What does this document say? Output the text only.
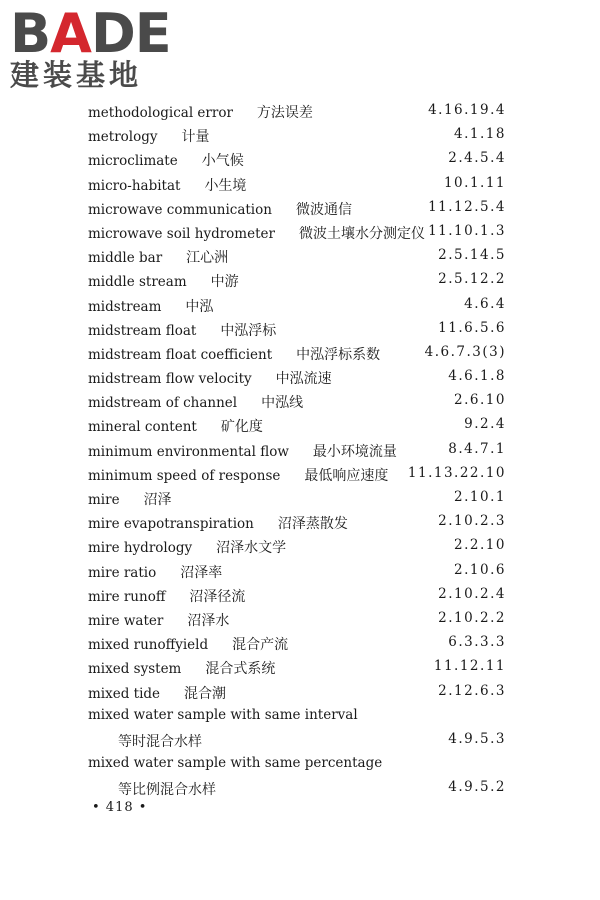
BADE
建装基地
methodological error 方法误差	4.16.19.4
metrology 计量	4.1.18
microclimate 小气候	2.4.5.4
micro-habitat 小生境	10.1.11
microwave communication 微波通信	11.12.5.4
microwave soil hydrometer 微波土壤水分测定仪 11.10.1.3
middle bar 江心洲	2.5.14.5
middle stream 中游	2.5.12.2
midstream 中泓	4.6.4
midstream float 中泓浮标	11.6.5.6
midstream float coefficient 中泓浮标系数	4.6.7.3(3)
midstream flow velocity 中泓流速	4.6.1.8
midstream of channel 中泓线	2.6.10
mineral content 矿化度	9.2.4
minimum environmental flow 最小环境流量	8.4.7.1
minimum speed of response 最低响应速度 11.13.22.10
mire 沼泽	2.10.1
mire evapotranspiration 沼泽蒸散发	2.10.2.3
mire hydrology 沼泽水文学	2.2.10
mire ratio 沼泽率	2.10.6
mire runoff 沼泽径流	2.10.2.4
mire water 沼泽水	2.10.2.2
mixed runoffyield 混合产流	6.3.3.3
mixed system 混合式系统	11.12.11
mixed tide 混合潮	2.12.6.3
mixed water sample with same interval
等时混合水样	4.9.5.3
mixed water sample with same percentage
等比例混合水样	4.9.5.2
• 418 •
